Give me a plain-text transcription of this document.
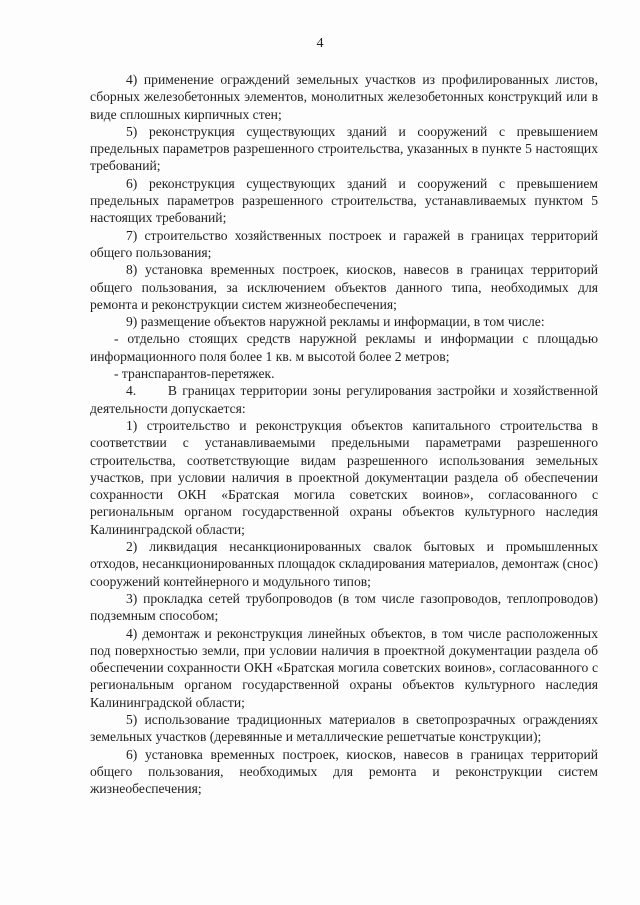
4

4) применение ограждений земельных участков из профилированных листов, сборных железобетонных элементов, монолитных железобетонных конструкций или в виде сплошных кирпичных стен;

5) реконструкция существующих зданий и сооружений с превышением предельных параметров разрешенного строительства, указанных в пункте 5 настоящих требований;

6) реконструкция существующих зданий и сооружений с превышением предельных параметров разрешенного строительства, устанавливаемых пунктом 5 настоящих требований;

7) строительство хозяйственных построек и гаражей в границах территорий общего пользования;

8) установка временных построек, киосков, навесов в границах территорий общего пользования, за исключением объектов данного типа, необходимых для ремонта и реконструкции систем жизнеобеспечения;

9) размещение объектов наружной рекламы и информации, в том числе:

- отдельно стоящих средств наружной рекламы и информации с площадью информационного поля более 1 кв. м высотой более 2 метров;

- транспарантов-перетяжек.

4.      В границах территории зоны регулирования застройки и хозяйственной деятельности допускается:

1) строительство и реконструкция объектов капитального строительства в соответствии с устанавливаемыми предельными параметрами разрешенного строительства, соответствующие видам разрешенного использования земельных участков, при условии наличия в проектной документации раздела об обеспечении сохранности ОКН «Братская могила советских воинов», согласованного с региональным органом государственной охраны объектов культурного наследия Калининградской области;

2) ликвидация несанкционированных свалок бытовых и промышленных отходов, несанкционированных площадок складирования материалов, демонтаж (снос) сооружений контейнерного и модульного типов;

3) прокладка сетей трубопроводов (в том числе газопроводов, теплопроводов) подземным способом;

4) демонтаж и реконструкция линейных объектов, в том числе расположенных под поверхностью земли, при условии наличия в проектной документации раздела об обеспечении сохранности ОКН «Братская могила советских воинов», согласованного с региональным органом государственной охраны объектов культурного наследия Калининградской области;

5) использование традиционных материалов в светопрозрачных ограждениях земельных участков (деревянные и металлические решетчатые конструкции);

6) установка временных построек, киосков, навесов в границах территорий общего пользования, необходимых для ремонта и реконструкции систем жизнеобеспечения;
